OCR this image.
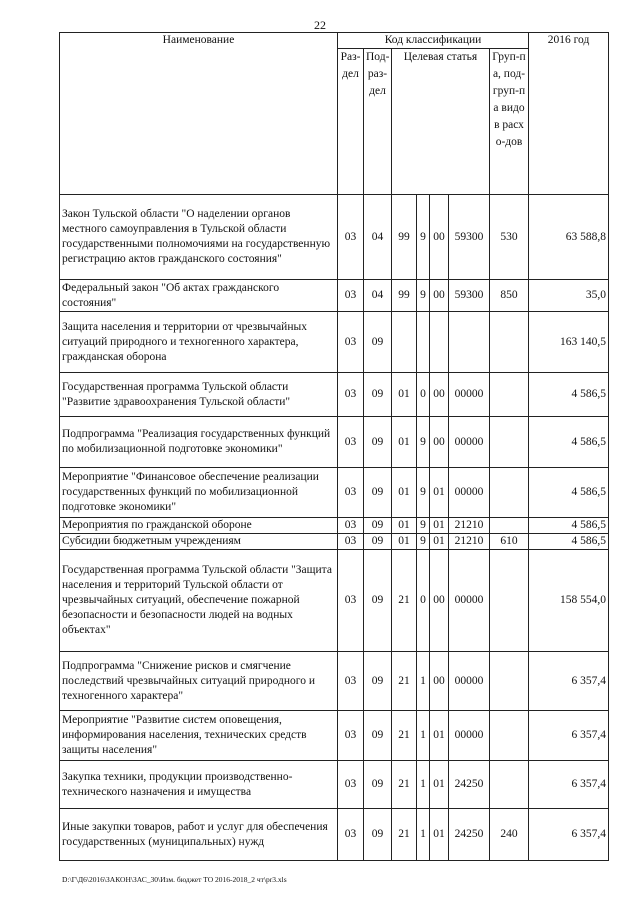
22
Наименование	Код классификации							2016 год
	Раз-дел	Под-раз-дел	Целевая статья				Груп-па, под-груп-па видов расхо-дов	
Закон Тульской области "О наделении органов местного самоуправления в Тульской области государственными полномочиями на государственную регистрацию актов гражданского состояния"	03	04	99	9	00	59300	530	63 588,8
Федеральный закон "Об актах гражданского состояния"	03	04	99	9	00	59300	850	35,0
Защита населения и территории от чрезвычайных ситуаций природного и техногенного характера, гражданская оборона	03	09						163 140,5
Государственная программа Тульской области "Развитие здравоохранения Тульской области"	03	09	01	0	00	00000		4 586,5
Подпрограмма "Реализация государственных функций по мобилизационной подготовке экономики"	03	09	01	9	00	00000		4 586,5
Мероприятие "Финансовое обеспечение реализации государственных функций по мобилизационной подготовке экономики"	03	09	01	9	01	00000		4 586,5
Мероприятия по гражданской обороне	03	09	01	9	01	21210		4 586,5
Субсидии бюджетным учреждениям	03	09	01	9	01	21210	610	4 586,5
Государственная программа Тульской области "Защита населения и территорий Тульской области от чрезвычайных ситуаций, обеспечение пожарной безопасности и безопасности людей на водных объектах"	03	09	21	0	00	00000		158 554,0
Подпрограмма "Снижение рисков и смягчение последствий чрезвычайных ситуаций природного и техногенного характера"	03	09	21	1	00	00000		6 357,4
Мероприятие "Развитие систем оповещения, информирования населения, технических средств защиты населения"	03	09	21	1	01	00000		6 357,4
Закупка техники, продукции производственно-технического назначения и имущества	03	09	21	1	01	24250		6 357,4
Иные закупки товаров, работ и услуг для обеспечения государственных (муниципальных) нужд	03	09	21	1	01	24250	240	6 357,4
D:\Г\Д6\2016\ЗАКОН\ЗАС_30\Изм. бюджет ТО 2016-2018_2 чт\pr3.xls
